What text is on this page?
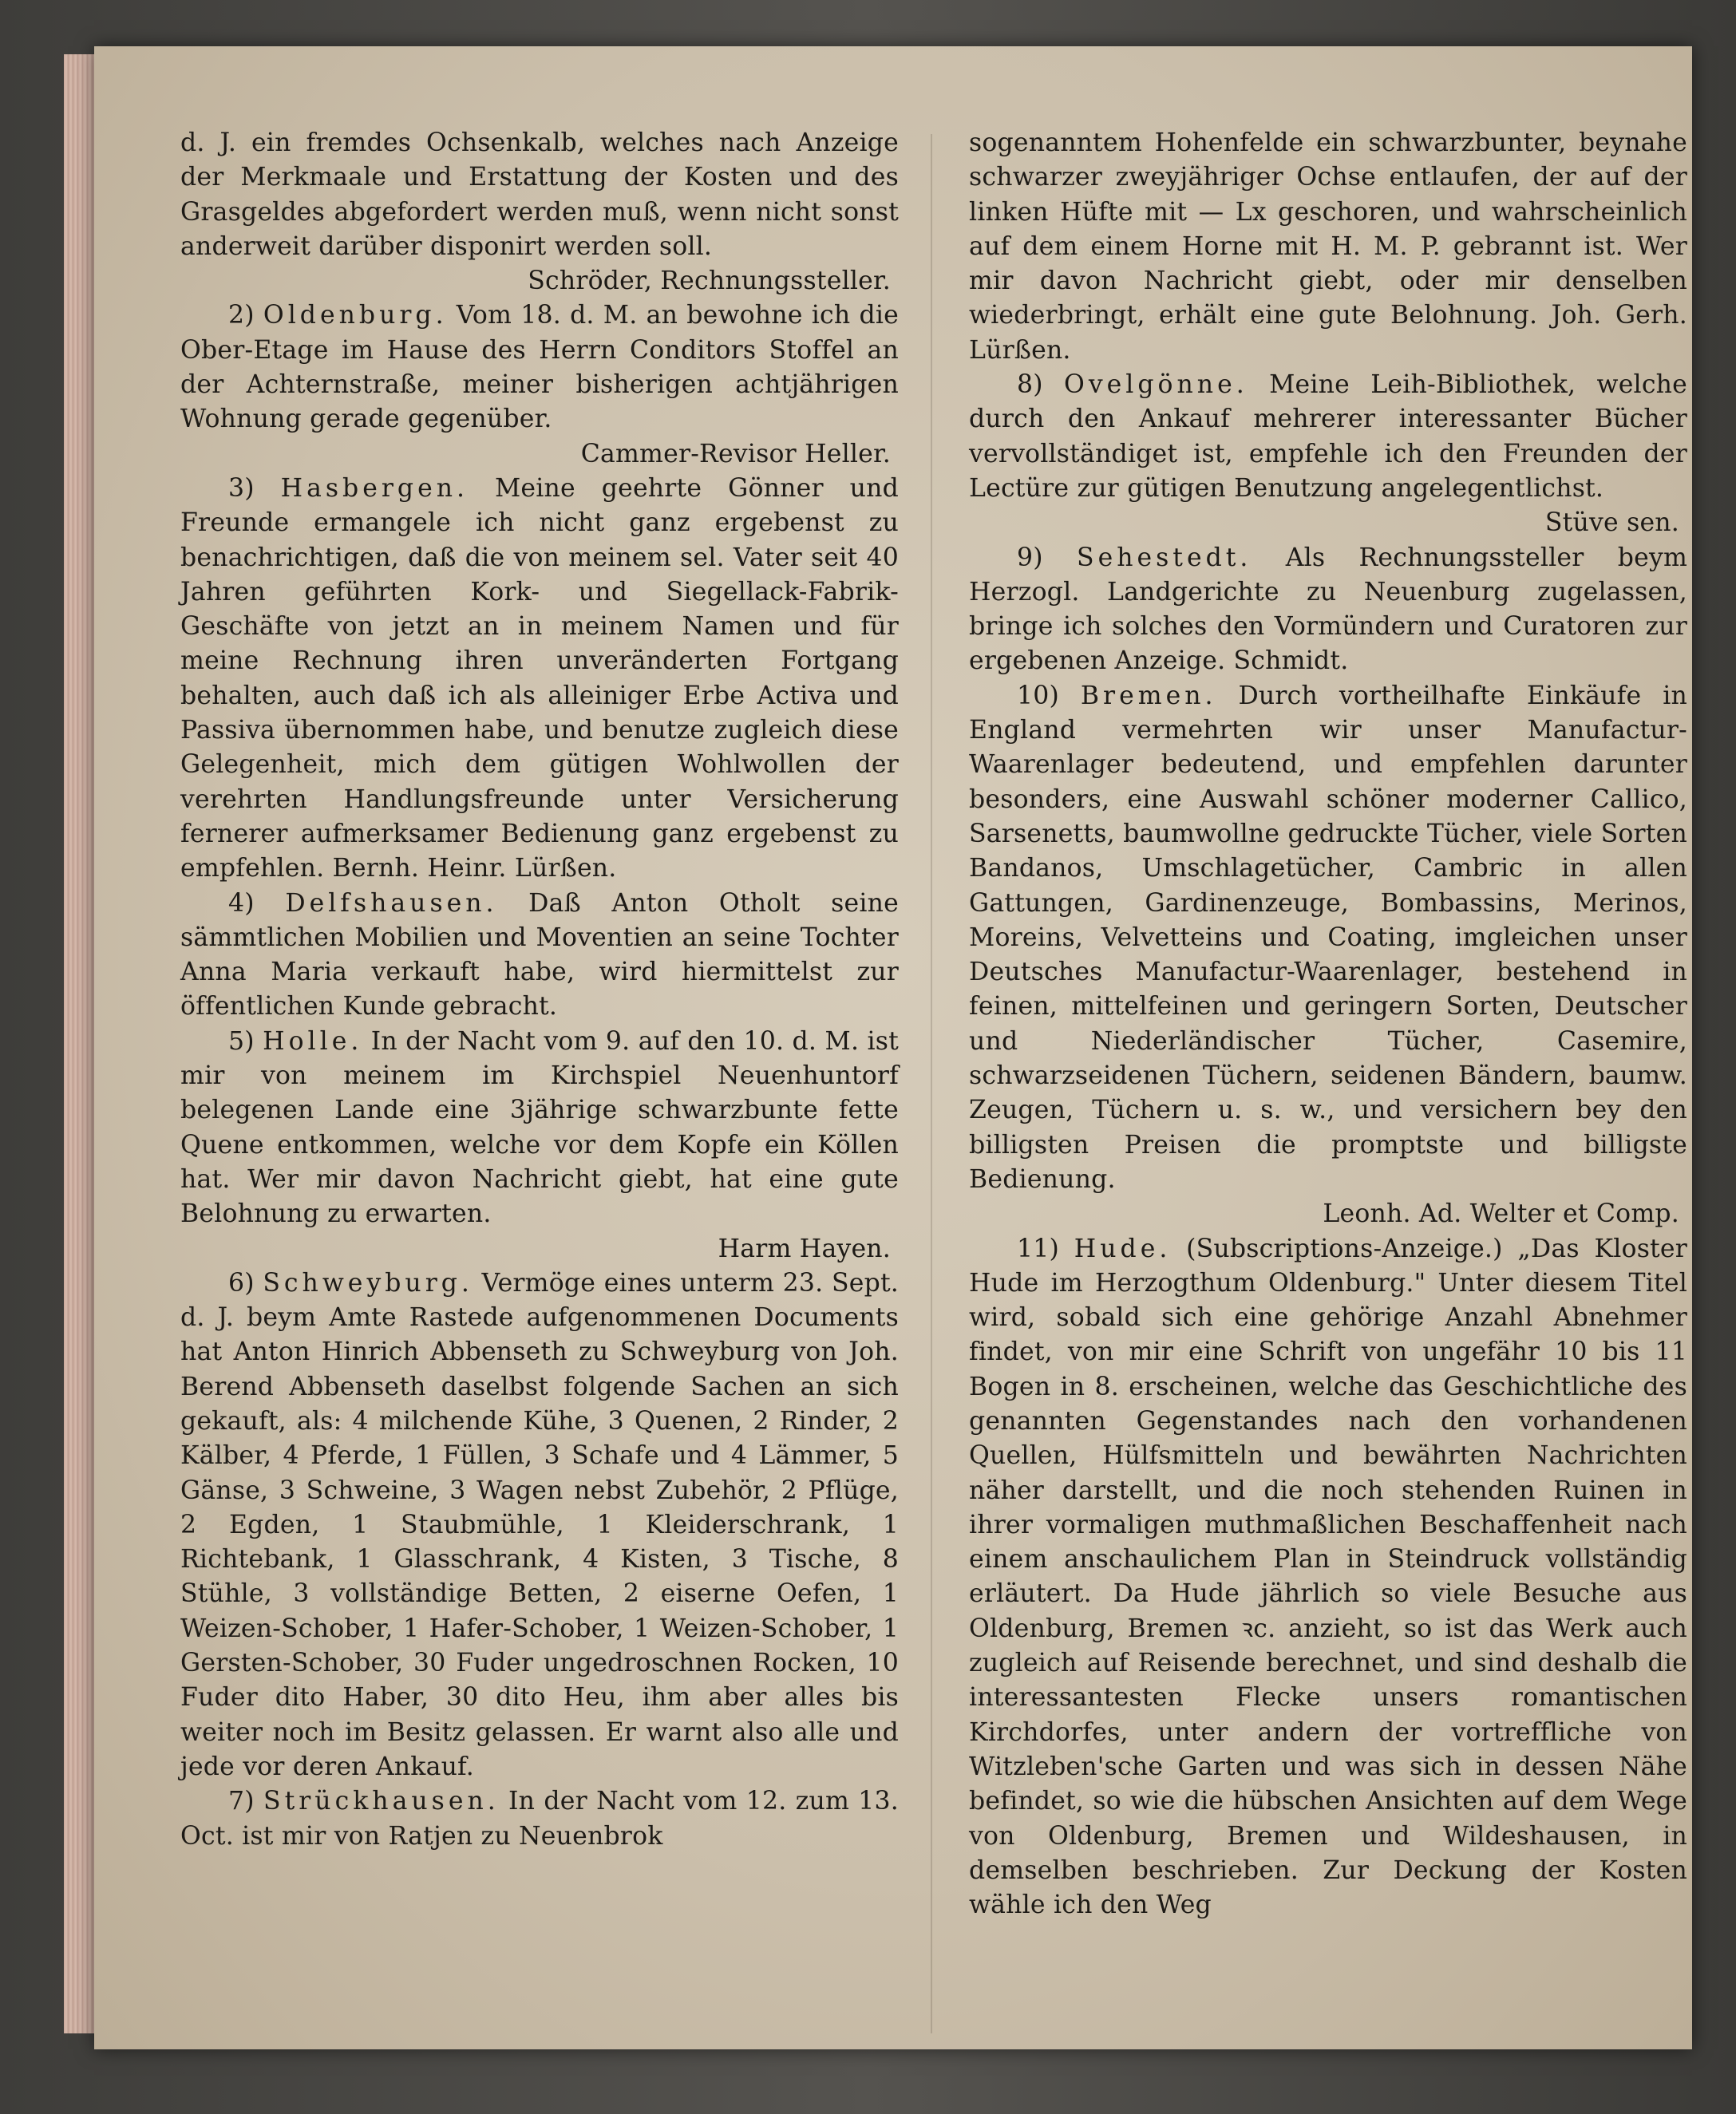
d. J. ein fremdes Ochsenkalb, welches nach Anzeige der Merkmaale und Erstattung der Kosten und des Grasgeldes abgefordert werden muß, wenn nicht sonst anderweit darüber disponirt werden soll.

Schröder, Rechnungssteller.

2) Oldenburg. Vom 18. d. M. an bewohne ich die Ober-Etage im Hause des Herrn Conditors Stoffel an der Achternstraße, meiner bisherigen achtjährigen Wohnung gerade gegenüber.

Cammer-Revisor Heller.

3) Hasbergen. Meine geehrte Gönner und Freunde ermangele ich nicht ganz ergebenst zu benachrichtigen, daß die von meinem sel. Vater seit 40 Jahren geführten Kork- und Siegellack-Fabrik-Geschäfte von jetzt an in meinem Namen und für meine Rechnung ihren unveränderten Fortgang behalten, auch daß ich als alleiniger Erbe Activa und Passiva übernommen habe, und benutze zugleich diese Gelegenheit, mich dem gütigen Wohlwollen der verehrten Handlungsfreunde unter Versicherung fernerer aufmerksamer Bedienung ganz ergebenst zu empfehlen. Bernh. Heinr. Lürßen.

4) Delfshausen. Daß Anton Otholt seine sämmtlichen Mobilien und Moventien an seine Tochter Anna Maria verkauft habe, wird hiermittelst zur öffentlichen Kunde gebracht.

5) Holle. In der Nacht vom 9. auf den 10. d. M. ist mir von meinem im Kirchspiel Neuenhuntorf belegenen Lande eine 3jährige schwarzbunte fette Quene entkommen, welche vor dem Kopfe ein Köllen hat. Wer mir davon Nachricht giebt, hat eine gute Belohnung zu erwarten.

Harm Hayen.

6) Schweyburg. Vermöge eines unterm 23. Sept. d. J. beym Amte Rastede aufgenommenen Documents hat Anton Hinrich Abbenseth zu Schweyburg von Joh. Berend Abbenseth daselbst folgende Sachen an sich gekauft, als: 4 milchende Kühe, 3 Quenen, 2 Rinder, 2 Kälber, 4 Pferde, 1 Füllen, 3 Schafe und 4 Lämmer, 5 Gänse, 3 Schweine, 3 Wagen nebst Zubehör, 2 Pflüge, 2 Egden, 1 Staubmühle, 1 Kleiderschrank, 1 Richtebank, 1 Glasschrank, 4 Kisten, 3 Tische, 8 Stühle, 3 vollständige Betten, 2 eiserne Oefen, 1 Weizen-Schober, 1 Hafer-Schober, 1 Weizen-Schober, 1 Gersten-Schober, 30 Fuder ungedroschnen Rocken, 10 Fuder dito Haber, 30 dito Heu, ihm aber alles bis weiter noch im Besitz gelassen. Er warnt also alle und jede vor deren Ankauf.

7) Strückhausen. In der Nacht vom 12. zum 13. Oct. ist mir von Ratjen zu Neuenbrok

sogenanntem Hohenfelde ein schwarzbunter, beynahe schwarzer zweyjähriger Ochse entlaufen, der auf der linken Hüfte mit — Lx geschoren, und wahrscheinlich auf dem einem Horne mit H. M. P. gebrannt ist. Wer mir davon Nachricht giebt, oder mir denselben wiederbringt, erhält eine gute Belohnung. Joh. Gerh. Lürßen.

8) Ovelgönne. Meine Leih-Bibliothek, welche durch den Ankauf mehrerer interessanter Bücher vervollständiget ist, empfehle ich den Freunden der Lectüre zur gütigen Benutzung angelegentlichst.

Stüve sen.

9) Sehestedt. Als Rechnungssteller beym Herzogl. Landgerichte zu Neuenburg zugelassen, bringe ich solches den Vormündern und Curatoren zur ergebenen Anzeige. Schmidt.

10) Bremen. Durch vortheilhafte Einkäufe in England vermehrten wir unser Manufactur-Waarenlager bedeutend, und empfehlen darunter besonders, eine Auswahl schöner moderner Callico, Sarsenetts, baumwollne gedruckte Tücher, viele Sorten Bandanos, Umschlagetücher, Cambric in allen Gattungen, Gardinenzeuge, Bombassins, Merinos, Moreins, Velvetteins und Coating, imgleichen unser Deutsches Manufactur-Waarenlager, bestehend in feinen, mittelfeinen und geringern Sorten, Deutscher und Niederländischer Tücher, Casemire, schwarzseidenen Tüchern, seidenen Bändern, baumw. Zeugen, Tüchern u. s. w., und versichern bey den billigsten Preisen die promptste und billigste Bedienung.

Leonh. Ad. Welter et Comp.

11) Hude. (Subscriptions-Anzeige.) „Das Kloster Hude im Herzogthum Oldenburg." Unter diesem Titel wird, sobald sich eine gehörige Anzahl Abnehmer findet, von mir eine Schrift von ungefähr 10 bis 11 Bogen in 8. erscheinen, welche das Geschichtliche des genannten Gegenstandes nach den vorhandenen Quellen, Hülfsmitteln und bewährten Nachrichten näher darstellt, und die noch stehenden Ruinen in ihrer vormaligen muthmaßlichen Beschaffenheit nach einem anschaulichem Plan in Steindruck vollständig erläutert. Da Hude jährlich so viele Besuche aus Oldenburg, Bremen ꝛc. anzieht, so ist das Werk auch zugleich auf Reisende berechnet, und sind deshalb die interessantesten Flecke unsers romantischen Kirchdorfes, unter andern der vortreffliche von Witzleben'sche Garten und was sich in dessen Nähe befindet, so wie die hübschen Ansichten auf dem Wege von Oldenburg, Bremen und Wildeshausen, in demselben beschrieben. Zur Deckung der Kosten wähle ich den Weg
